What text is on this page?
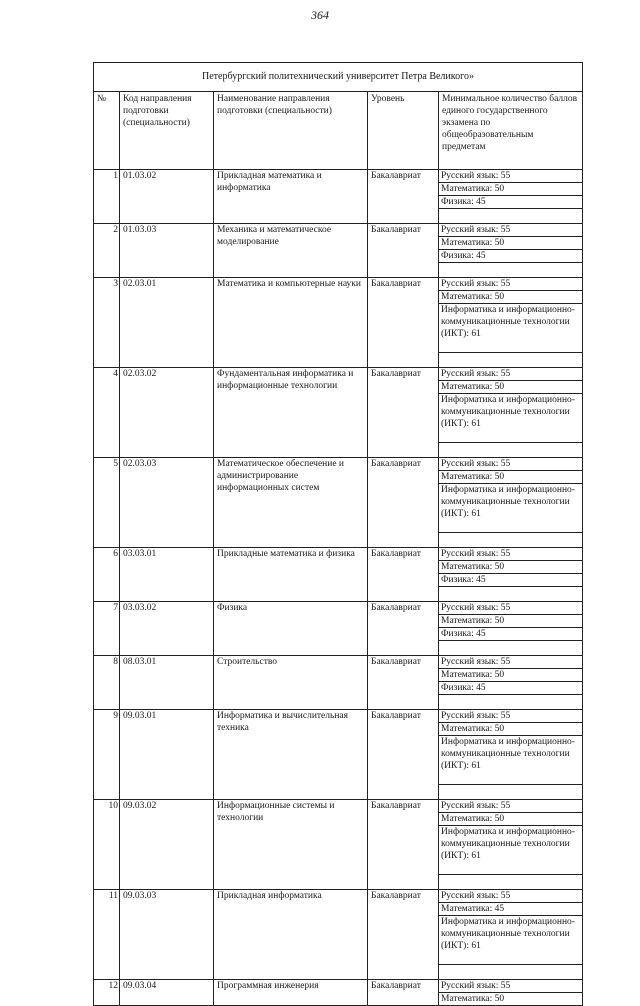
364
Петербургский политехнический университет Петра Великого»
№	Код направления подготовки (специальности)	Наименование направления подготовки (специальности)	Уровень	Минимальное количество баллов единого государственного экзамена по общеобразовательным предметам
1	01.03.02	Прикладная математика и информатика	Бакалавриат	Русский язык: 55
				Математика: 50
				Физика: 45

2	01.03.03	Механика и математическое моделирование	Бакалавриат	Русский язык: 55
				Математика: 50
				Физика: 45

3	02.03.01	Математика и компьютерные науки	Бакалавриат	Русский язык: 55
				Математика: 50
				Информатика и информационно-коммуникационные технологии (ИКТ): 61

4	02.03.02	Фундаментальная информатика и информационные технологии	Бакалавриат	Русский язык: 55
				Математика: 50
				Информатика и информационно-коммуникационные технологии (ИКТ): 61

5	02.03.03	Математическое обеспечение и администрирование информационных систем	Бакалавриат	Русский язык: 55
				Математика: 50
				Информатика и информационно-коммуникационные технологии (ИКТ): 61

6	03.03.01	Прикладные математика и физика	Бакалавриат	Русский язык: 55
				Математика: 50
				Физика: 45

7	03.03.02	Физика	Бакалавриат	Русский язык: 55
				Математика: 50
				Физика: 45

8	08.03.01	Строительство	Бакалавриат	Русский язык: 55
				Математика: 50
				Физика: 45

9	09.03.01	Информатика и вычислительная техника	Бакалавриат	Русский язык: 55
				Математика: 50
				Информатика и информационно-коммуникационные технологии (ИКТ): 61

10	09.03.02	Информационные системы и технологии	Бакалавриат	Русский язык: 55
				Математика: 50
				Информатика и информационно-коммуникационные технологии (ИКТ): 61

11	09.03.03	Прикладная информатика	Бакалавриат	Русский язык: 55
				Математика: 45
				Информатика и информационно-коммуникационные технологии (ИКТ): 61

12	09.03.04	Программная инженерия	Бакалавриат	Русский язык: 55
				Математика: 50
